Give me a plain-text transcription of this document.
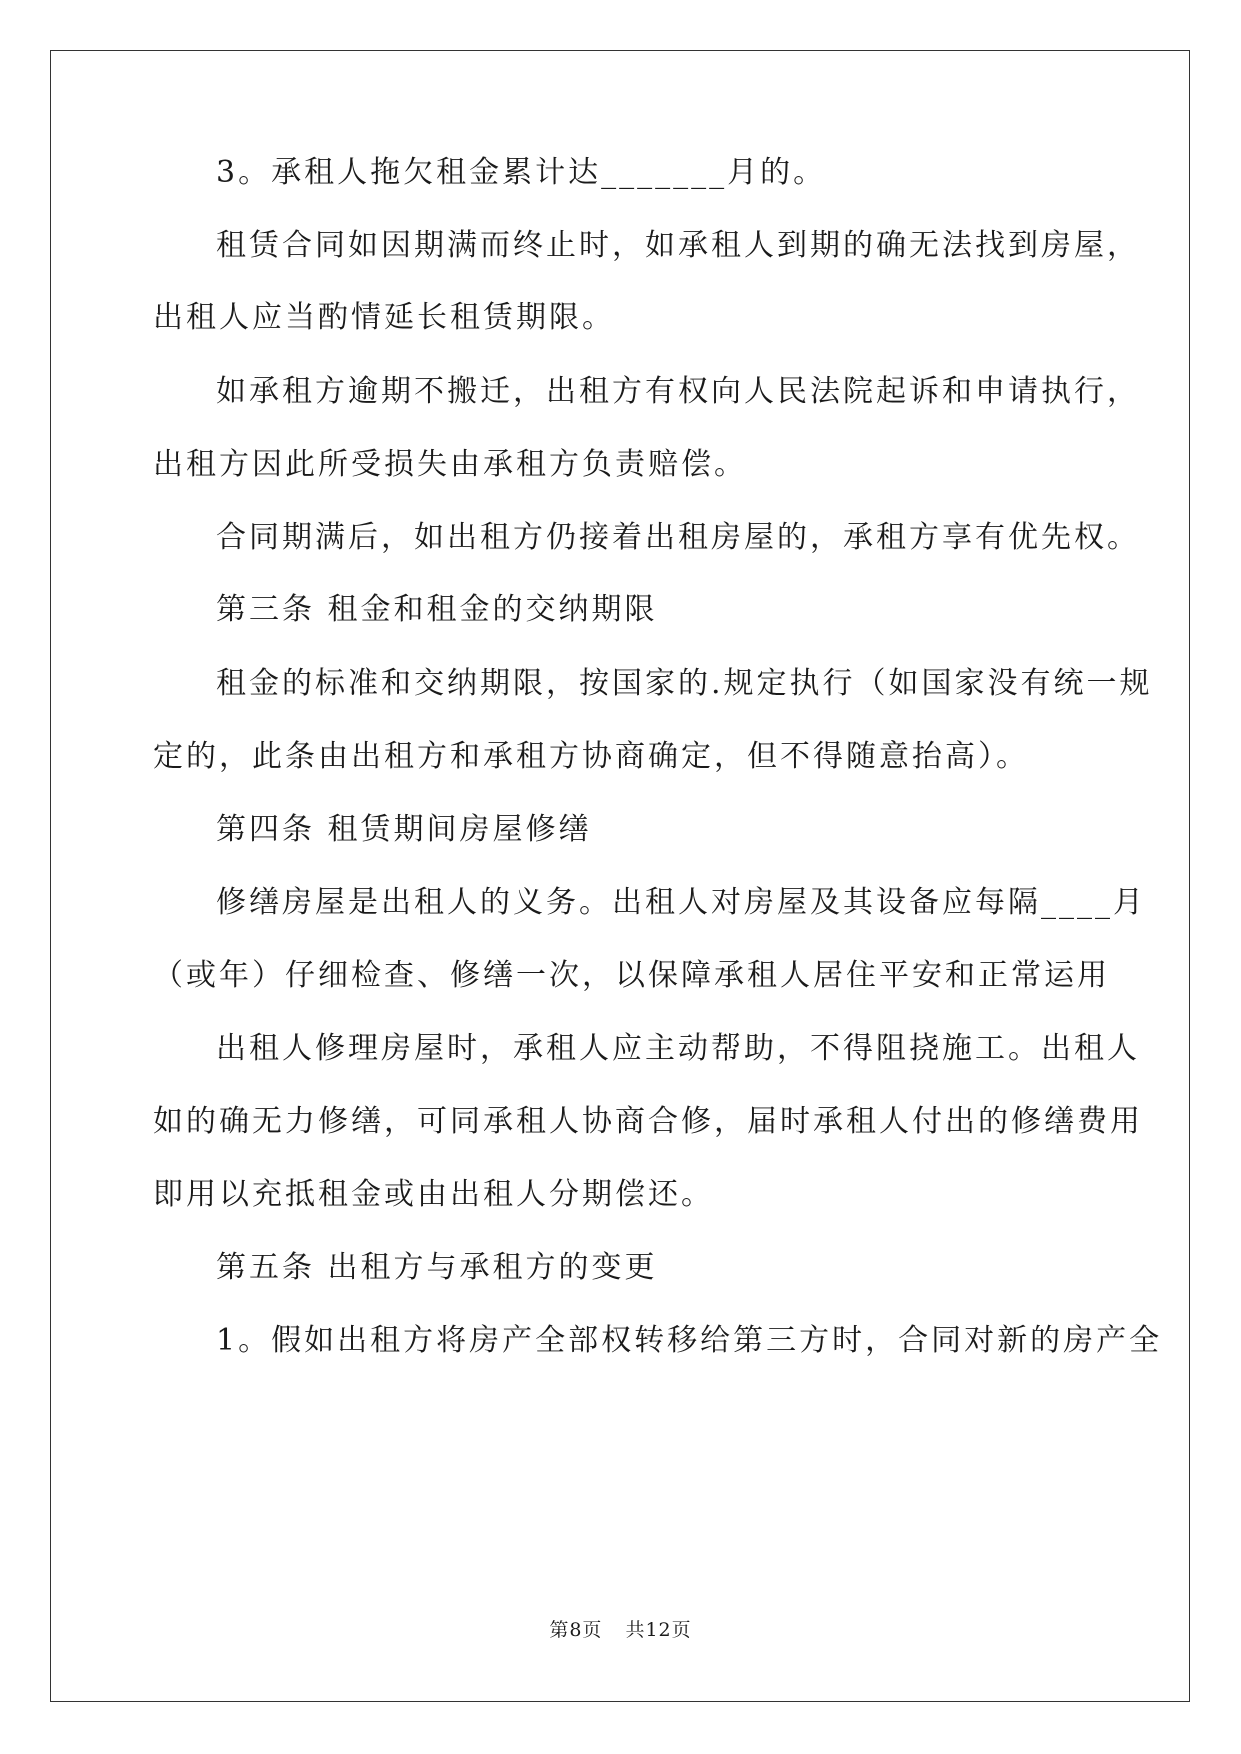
3。承租人拖欠租金累计达_______月的。
租赁合同如因期满而终止时，如承租人到期的确无法找到房屋，
出租人应当酌情延长租赁期限。
如承租方逾期不搬迁，出租方有权向人民法院起诉和申请执行，
出租方因此所受损失由承租方负责赔偿。
合同期满后，如出租方仍接着出租房屋的，承租方享有优先权。
第三条 租金和租金的交纳期限
租金的标准和交纳期限，按国家的.规定执行（如国家没有统一规
定的，此条由出租方和承租方协商确定，但不得随意抬高）。
第四条 租赁期间房屋修缮
修缮房屋是出租人的义务。出租人对房屋及其设备应每隔____月
（或年）仔细检查、修缮一次，以保障承租人居住平安和正常运用
出租人修理房屋时，承租人应主动帮助，不得阻挠施工。出租人
如的确无力修缮，可同承租人协商合修，届时承租人付出的修缮费用
即用以充抵租金或由出租人分期偿还。
第五条 出租方与承租方的变更
1。假如出租方将房产全部权转移给第三方时，合同对新的房产全
第8页 共12页
